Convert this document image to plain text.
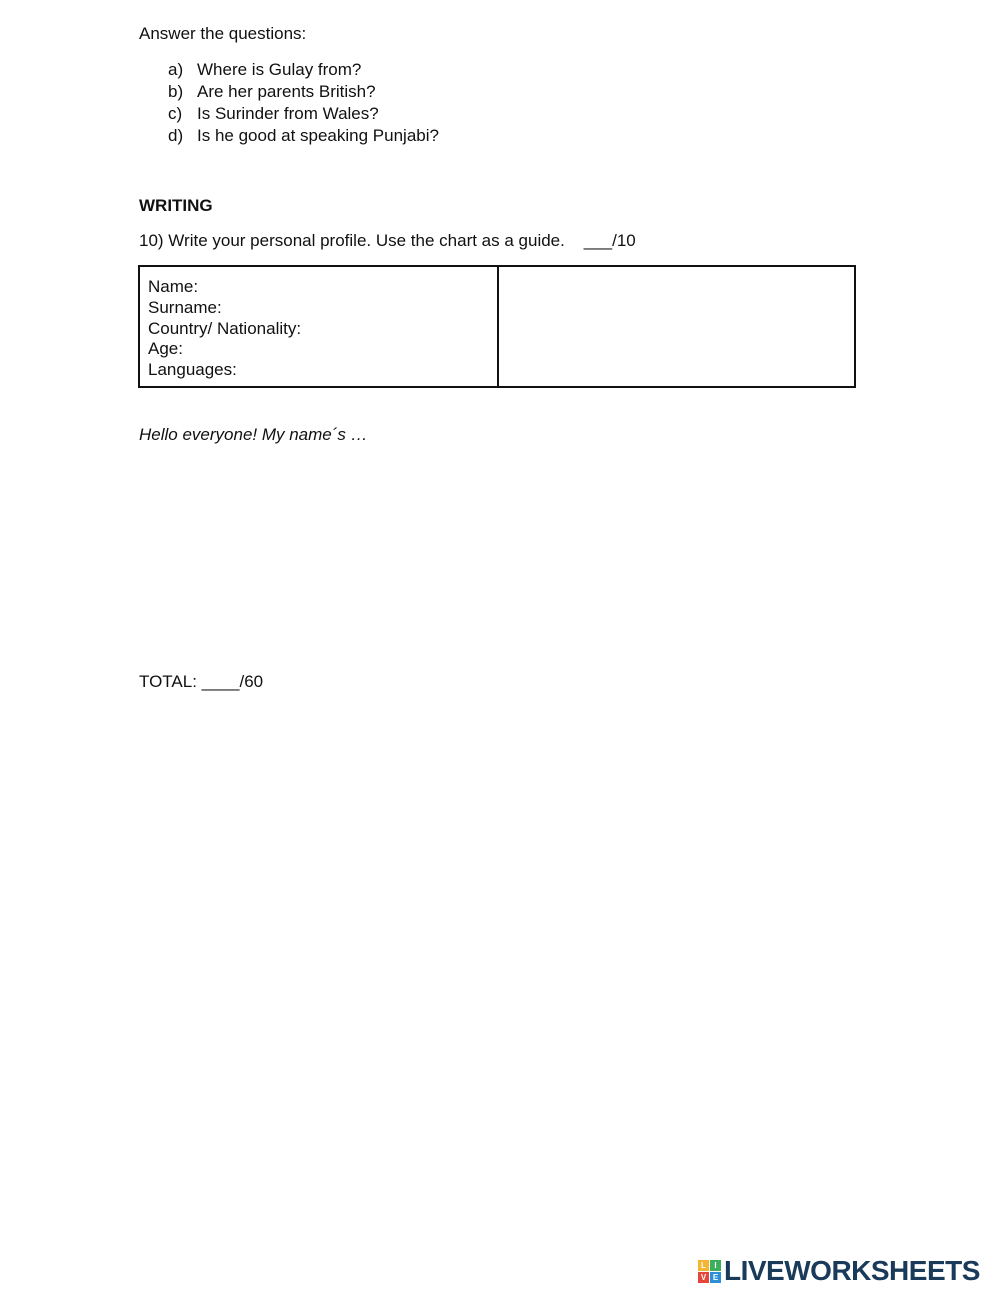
Answer the questions:
a) Where is Gulay from?
b) Are her parents British?
c) Is Surinder from Wales?
d) Is he good at speaking Punjabi?
WRITING
10) Write your personal profile. Use the chart as a guide.    ___/10
Name:
Surname:
Country/ Nationality:
Age:
Languages:

Hello everyone! My name´s …
TOTAL: ____/60
L	I
V E LIVEWORKSHEETS
